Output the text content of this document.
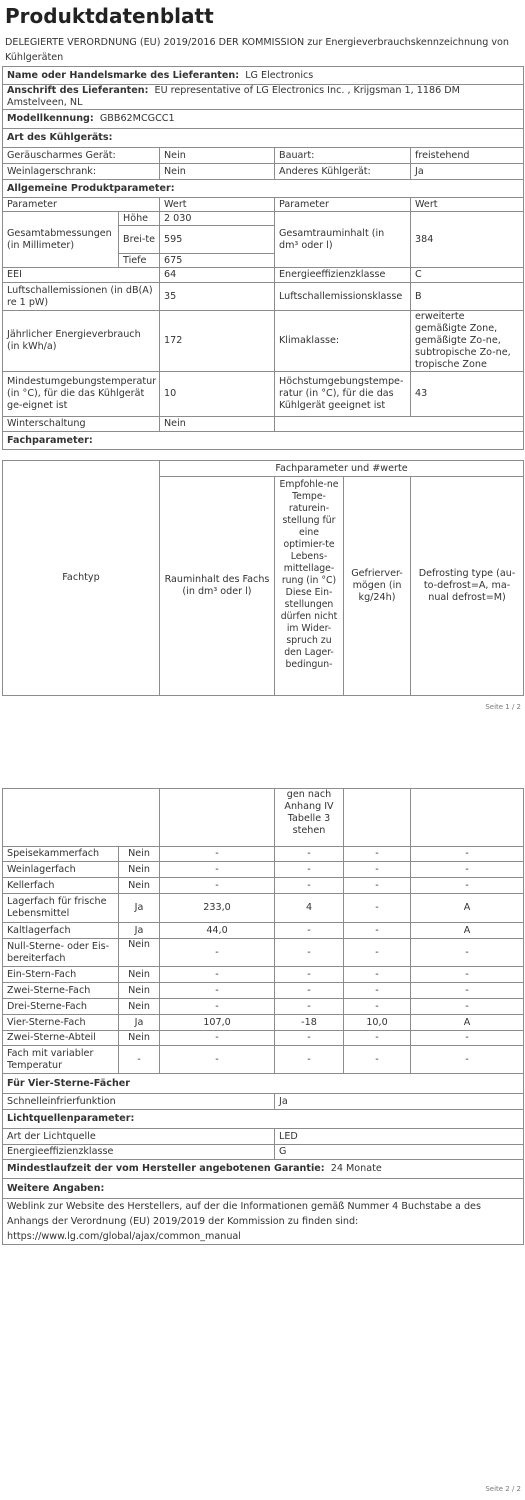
Produktdatenblatt
DELEGIERTE VERORDNUNG (EU) 2019/2016 DER KOMMISSION zur Energieverbrauchskennzeichnung von Kühlgeräten
Name oder Handelsmarke des Lieferanten: LG Electronics				
Anschrift des Lieferanten: EU representative of LG Electronics Inc. , Krijgsman 1, 1186 DM Amstelveen, NL				
Modellkennung: GBB62MCGCC1				
Art des Kühlgeräts:				
Geräuscharmes Gerät:		Nein	Bauart:	freistehend
Weinlagerschrank:		Nein	Anderes Kühlgerät:	Ja
Allgemeine Produktparameter:				
Parameter		Wert	Parameter	Wert
Gesamtabmessungen (in Millimeter)	Höhe	2 030	Gesamtrauminhalt (in dm³ oder l)	384
	Brei-te	595		
	Tiefe	675		
EEI		64	Energieeffizienzklasse	C
Luftschallemissionen (in dB(A) re 1 pW)		35	Luftschallemissionsklasse	B
Jährlicher Energieverbrauch (in kWh/a)		172	Klimaklasse:	erweiterte gemäßigte Zone, gemäßigte Zo-ne, subtropische Zo-ne, tropische Zone
Mindestumgebungstemperatur (in °C), für die das Kühlgerät ge-eignet ist		10	Höchstumgebungstempe-ratur (in °C), für die das Kühlgerät geeignet ist	43
Winterschaltung		Nein		
Fachparameter:				
Fachtyp	Fachparameter und #werte			
	Rauminhalt des Fachs (in dm³ oder l)	Empfohle-ne Tempe-raturein-stellung für eine optimier-te Lebens-mittellage-rung (in °C) Diese Ein-stellungen dürfen nicht im Wider-spruch zu den Lager-bedingun-	Gefrierver-mögen (in kg/24h)	Defrosting type (au-to-defrost=A, ma-nual defrost=M)
Seite 1 / 2
		gen nach Anhang IV Tabelle 3 stehen		
Speisekammerfach	Nein	-	-	-	-
Weinlagerfach	Nein	-	-	-	-
Kellerfach	Nein	-	-	-	-
Lagerfach für frische Lebensmittel	Ja	233,0	4	-	A
Kaltlagerfach	Ja	44,0	-	-	A
Null-Sterne- oder Eis-bereiterfach	Nein	-	-	-	-
Ein-Stern-Fach	Nein	-	-	-	-
Zwei-Sterne-Fach	Nein	-	-	-	-
Drei-Sterne-Fach	Nein	-	-	-	-
Vier-Sterne-Fach	Ja	107,0	-18	10,0	A
Zwei-Sterne-Abteil	Nein	-	-	-	-
Fach mit variabler Temperatur	-	-	-	-	-
Für Vier-Sterne-Fächer	
Schnelleinfrierfunktion	Ja
Lichtquellenparameter:	
Art der Lichtquelle	LED
Energieeffizienzklasse	G
Mindestlaufzeit der vom Hersteller angebotenen Garantie: 24 Monate	
Weitere Angaben:	
Weblink zur Website des Herstellers, auf der die Informationen gemäß Nummer 4 Buchstabe a des Anhangs der Verordnung (EU) 2019/2019 der Kommission zu finden sind:   https://www.lg.com/global/ajax/common_manual	
Seite 2 / 2
